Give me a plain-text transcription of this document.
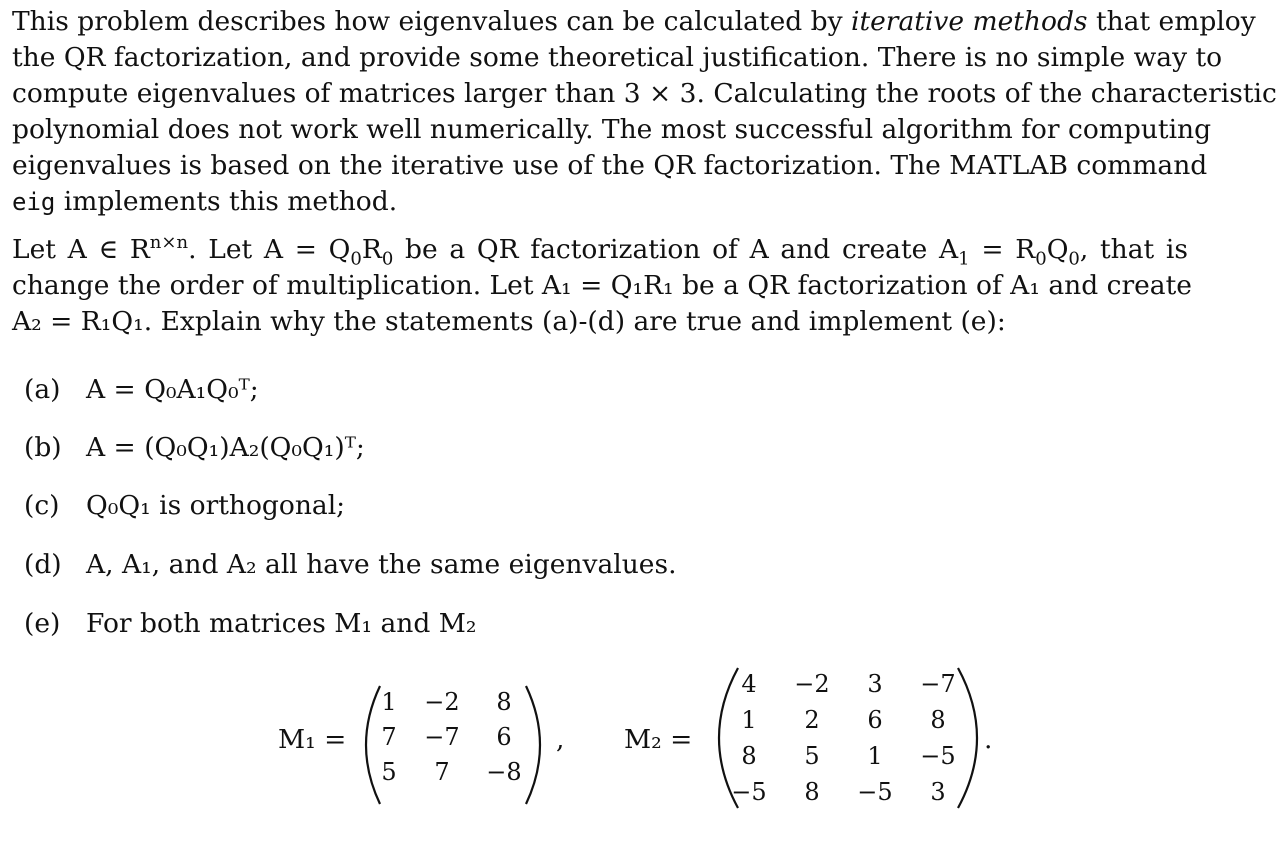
This problem describes how eigenvalues can be calculated by iterative methods that employ
the QR factorization, and provide some theoretical justification. There is no simple way to
compute eigenvalues of matrices larger than 3 × 3. Calculating the roots of the characteristic
polynomial does not work well numerically. The most successful algorithm for computing
eigenvalues is based on the iterative use of the QR factorization. The MATLAB command
eig implements this method.
Let A ∈ $R^{n\times n}$. Let $A = Q_0R_0$ be a QR factorization of A and create $A_1 = R_0Q_0$, that is
change the order of multiplication. Let A₁ = Q₁R₁ be a QR factorization of A₁ and create
A₂ = R₁Q₁. Explain why the statements (a)-(d) are true and implement (e):
(a) A = Q₀A₁Q₀ᵀ;
(b) A = (Q₀Q₁)A₂(Q₀Q₁)ᵀ;
(c) Q₀Q₁ is orthogonal;
(d) A, A₁, and A₂ all have the same eigenvalues.
(e) For both matrices M₁ and M₂
M₁ =	, M₂ =	.
1	−2	8
7	−7	6
5	7	−8
4	−2	3	−7
1	2	6	8
8	5	1	−5
−5	8	−5	3
